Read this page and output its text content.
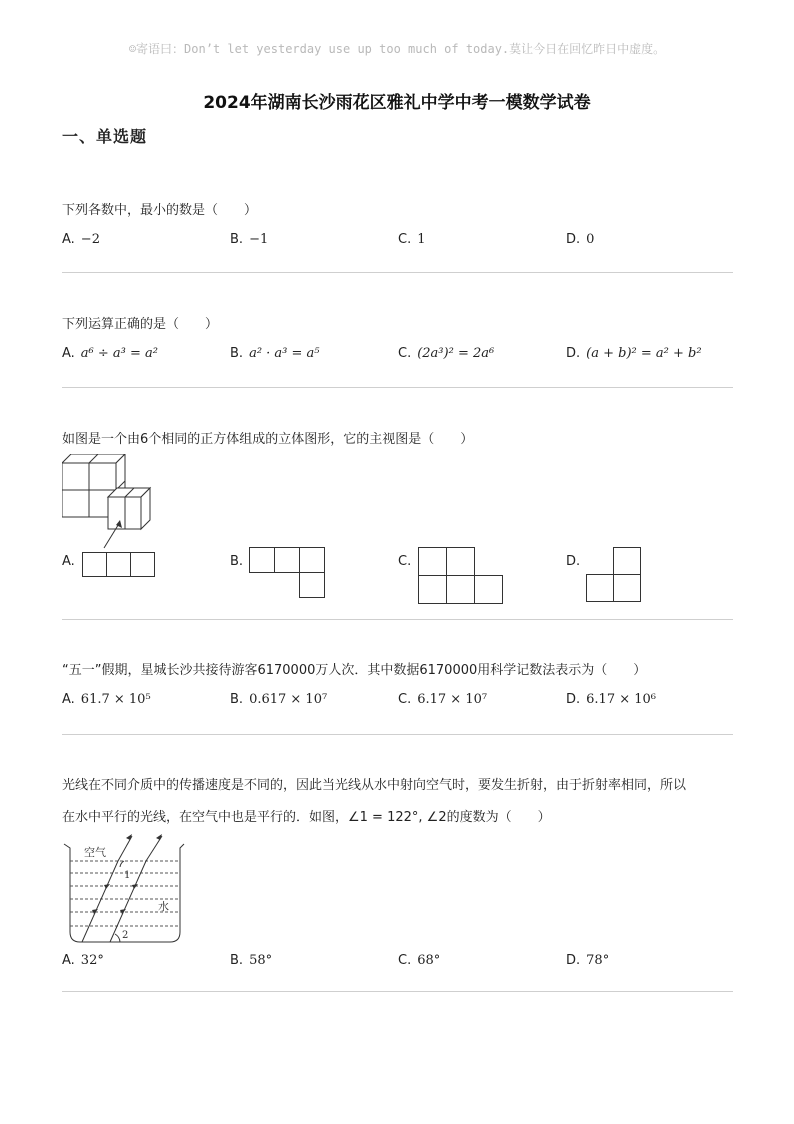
☺寄语曰：Don’t let yesterday use up too much of today.莫让今日在回忆昨日中虚度。
2024年湖南长沙雨花区雅礼中学中考一模数学试卷
一、单选题
下列各数中，最小的数是（　　）
A. −2	B. −1	C. 1	D. 0
下列运算正确的是（　　）
A. a⁶ ÷ a³ = a²	B. a² · a³ = a⁵	C. (2a³)² = 2a⁶	D. (a + b)² = a² + b²
如图是一个由6个相同的正方体组成的立体图形，它的主视图是（　　）
A.	B.	C.	D.
“五一”假期，星城长沙共接待游客6170000万人次．其中数据6170000用科学记数法表示为（　　）
A. 61.7 × 10⁵	B. 0.617 × 10⁷	C. 6.17 × 10⁷	D. 6.17 × 10⁶
光线在不同介质中的传播速度是不同的，因此当光线从水中射向空气时，要发生折射，由于折射率相同，所以
在水中平行的光线，在空气中也是平行的．如图，∠1 = 122°, ∠2的度数为（　　）
空气
水
1
2
A. 32°	B. 58°	C. 68°	D. 78°
